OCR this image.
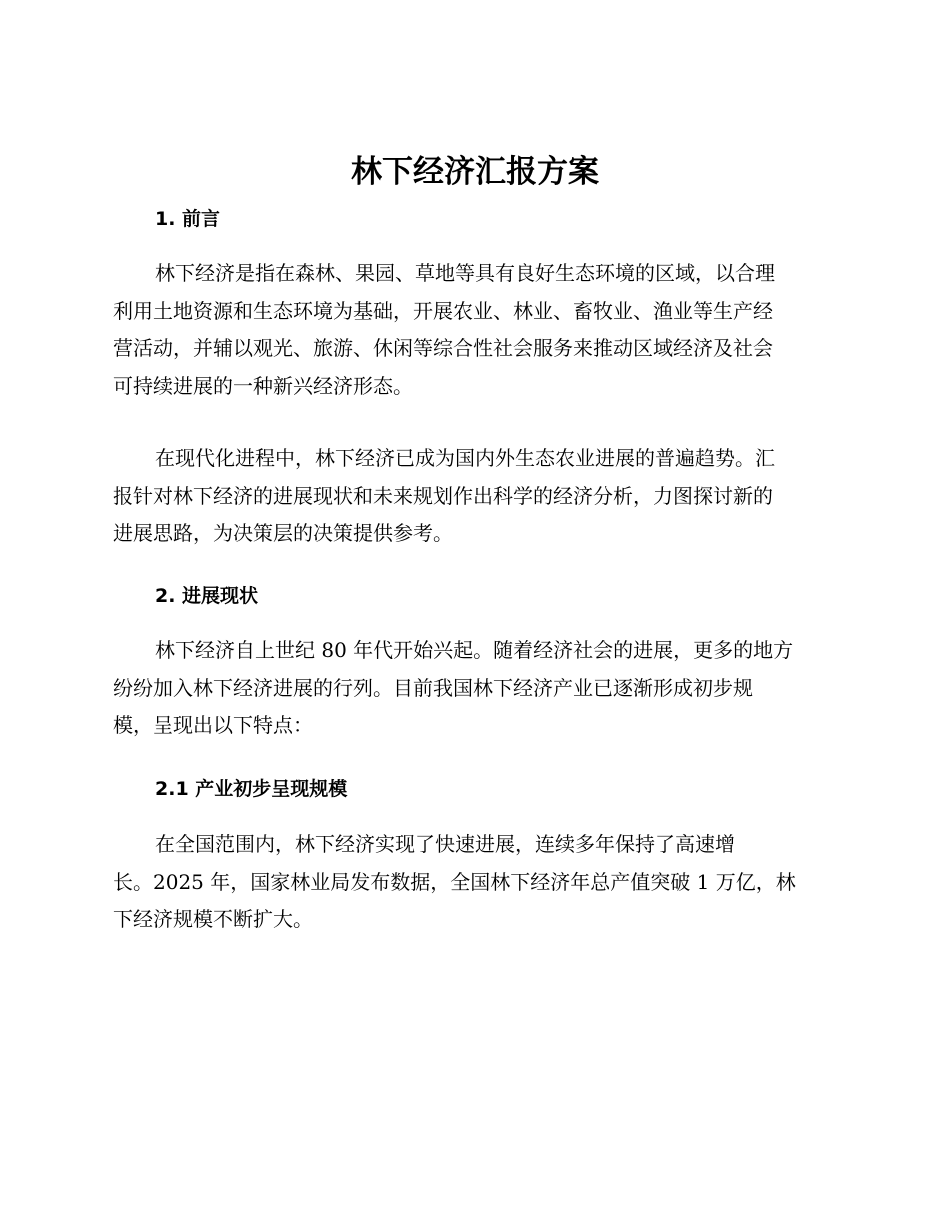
林下经济汇报方案
1. 前言

林下经济是指在森林、果园、草地等具有良好生态环境的区域，以合理
利用土地资源和生态环境为基础，开展农业、林业、畜牧业、渔业等生产经
营活动，并辅以观光、旅游、休闲等综合性社会服务来推动区域经济及社会
可持续进展的一种新兴经济形态。

在现代化进程中，林下经济已成为国内外生态农业进展的普遍趋势。汇
报针对林下经济的进展现状和未来规划作出科学的经济分析，力图探讨新的
进展思路，为决策层的决策提供参考。

2. 进展现状

林下经济自上世纪 80 年代开始兴起。随着经济社会的进展，更多的地方
纷纷加入林下经济进展的行列。目前我国林下经济产业已逐渐形成初步规
模，呈现出以下特点：

2.1 产业初步呈现规模

在全国范围内，林下经济实现了快速进展，连续多年保持了高速增
长。2025 年，国家林业局发布数据，全国林下经济年总产值突破 1 万亿，林
下经济规模不断扩大。
